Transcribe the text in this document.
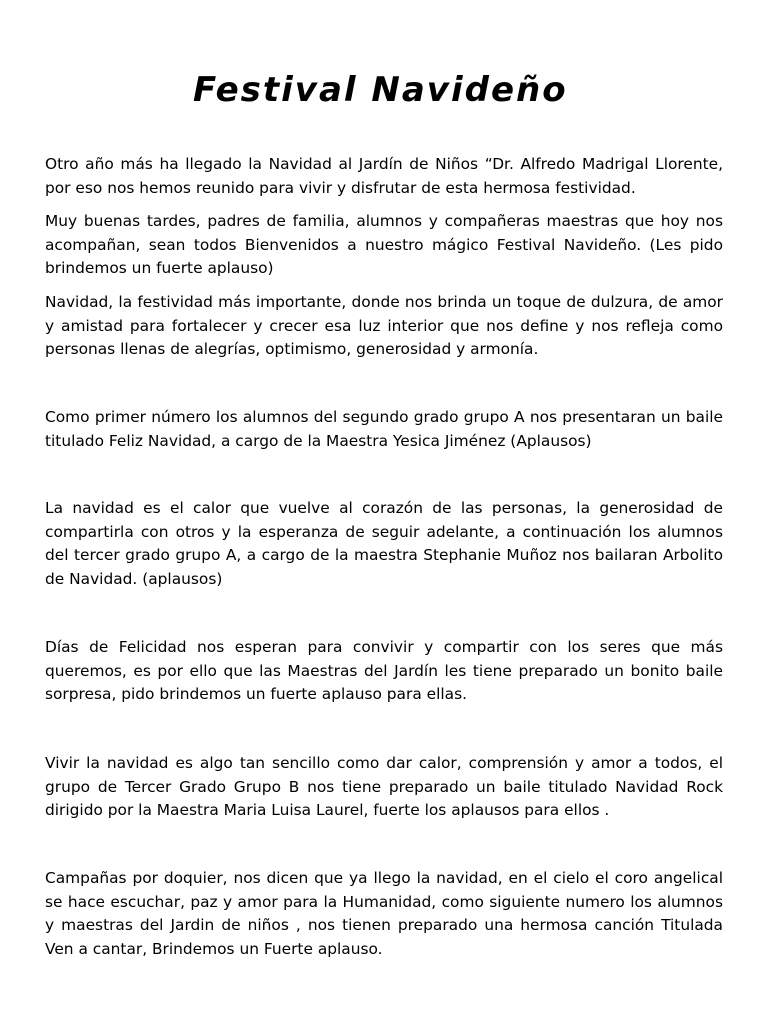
Festival Navideño

Otro año más ha llegado la Navidad al Jardín de Niños “Dr. Alfredo Madrigal Llorente, por eso nos hemos reunido para vivir y disfrutar de esta hermosa festividad.

Muy buenas tardes, padres de familia, alumnos y compañeras maestras que hoy nos acompañan, sean todos Bienvenidos a nuestro mágico Festival Navideño. (Les pido brindemos un fuerte aplauso)

Navidad, la festividad más importante, donde nos brinda un toque de dulzura, de amor y amistad para fortalecer y crecer esa luz interior que nos define y nos refleja como personas llenas de alegrías, optimismo, generosidad y armonía.

Como primer número los alumnos del segundo grado grupo A nos presentaran un baile titulado Feliz Navidad, a cargo de la Maestra Yesica Jiménez (Aplausos)

La navidad es el calor que vuelve al corazón de las personas, la generosidad de compartirla con otros y la esperanza de seguir adelante, a continuación los alumnos del tercer grado grupo A, a cargo de la maestra Stephanie Muñoz nos bailaran Arbolito de Navidad. (aplausos)

Días de Felicidad nos esperan para convivir y compartir con los seres que más queremos, es por ello que las Maestras del Jardín les tiene preparado un bonito baile sorpresa, pido brindemos un fuerte aplauso para ellas.

Vivir la navidad es algo tan sencillo como dar calor, comprensión y amor a todos, el grupo de Tercer Grado Grupo B nos tiene preparado un baile titulado Navidad Rock dirigido por la Maestra Maria Luisa Laurel, fuerte los aplausos para ellos .

Campañas por doquier, nos dicen que ya llego la navidad, en el cielo el coro angelical se hace escuchar, paz y amor para la Humanidad, como siguiente numero los alumnos y maestras del Jardin de niños , nos tienen preparado una hermosa canción Titulada Ven a cantar, Brindemos un Fuerte aplauso.
